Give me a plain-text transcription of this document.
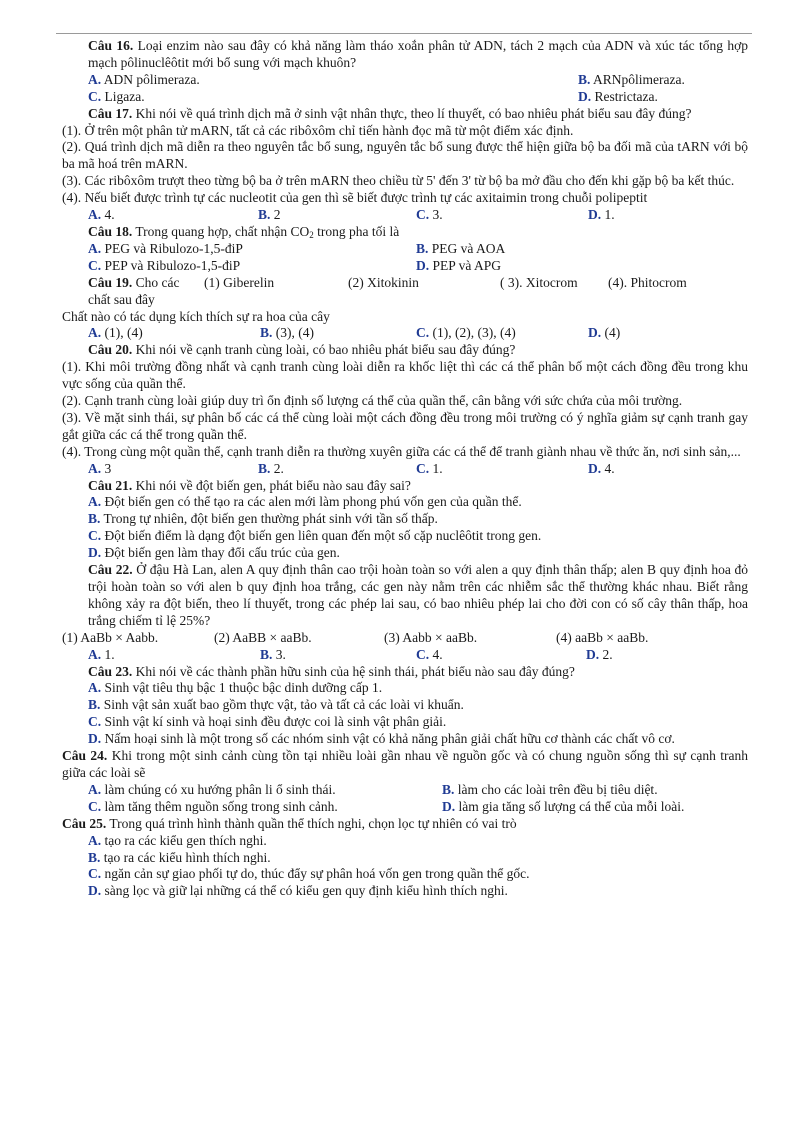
Câu 16. Loại enzim nào sau đây có khả năng làm tháo xoắn phân tử ADN, tách 2 mạch của ADN và xúc tác tổng hợp mạch pôlinuclêôtit mới bổ sung với mạch khuôn?

A. ADN pôlimeraza.	B. ARNpôlimeraza.
C. Ligaza.	D. Restrictaza.

Câu 17. Khi nói về quá trình dịch mã ở sinh vật nhân thực, theo lí thuyết, có bao nhiêu phát biểu sau đây đúng?

(1). Ở trên một phân tử mARN, tất cả các ribôxôm chỉ tiến hành đọc mã từ một điểm xác định.

(2). Quá trình dịch mã diễn ra theo nguyên tắc bổ sung, nguyên tắc bổ sung được thể hiện giữa bộ ba đối mã của tARN với bộ ba mã hoá trên mARN.

(3). Các ribôxôm trượt theo từng bộ ba ở trên mARN theo chiều từ 5' đến 3' từ bộ ba mở đầu cho đến khi gặp bộ ba kết thúc.

(4). Nếu biết được trình tự các nucleotit của gen thì sẽ biết được trình tự các axitaimin trong chuỗi polipeptit

A. 4.	B. 2	C. 3.	D. 1.

Câu 18. Trong quang hợp, chất nhận $CO_2$ trong pha tối là

A. PEG và Ribulozo-1,5-điP	B. PEG và AOA
C. PEP và Ribulozo-1,5-điP	D. PEP và APG
Câu 19. Cho các chất sau đây
(1) Giberelin	(2) Xitokinin	( 3). Xitocrom (4). Phitocrom

Chất nào có tác dụng kích thích sự ra hoa của cây

A. (1), (4)	B. (3), (4)	C. (1), (2), (3), (4)	D. (4)

Câu 20. Khi nói về cạnh tranh cùng loài, có bao nhiêu phát biểu sau đây đúng?

(1). Khi môi trường đồng nhất và cạnh tranh cùng loài diễn ra khốc liệt thì các cá thể phân bố một cách đồng đều trong khu vực sống của quần thể.

(2). Cạnh tranh cùng loài giúp duy trì ổn định số lượng cá thể của quần thể, cân bằng với sức chứa của môi trường.

(3). Về mặt sinh thái, sự phân bố các cá thể cùng loài một cách đồng đều trong môi trường có ý nghĩa giảm sự cạnh tranh gay gắt giữa các cá thể trong quần thể.

(4). Trong cùng một quần thể, cạnh tranh diễn ra thường xuyên giữa các cá thể để tranh giành nhau về thức ăn, nơi sinh sản,...

A. 3	B. 2.	C. 1.	D. 4.

Câu 21. Khi nói về đột biến gen, phát biểu nào sau đây sai?

A. Đột biến gen có thể tạo ra các alen mới làm phong phú vốn gen của quần thể.

B. Trong tự nhiên, đột biến gen thường phát sinh với tần số thấp.

C. Đột biến điểm là dạng đột biến gen liên quan đến một số cặp nuclêôtit trong gen.

D. Đột biến gen làm thay đổi cấu trúc của gen.

Câu 22. Ở đậu Hà Lan, alen A quy định thân cao trội hoàn toàn so với alen a quy định thân thấp; alen B quy định hoa đỏ trội hoàn toàn so với alen b quy định hoa trắng, các gen này nằm trên các nhiễm sắc thể thường khác nhau. Biết rằng không xảy ra đột biến, theo lí thuyết, trong các phép lai sau, có bao nhiêu phép lai cho đời con có số cây thân thấp, hoa trắng chiếm tỉ lệ 25%?

(1) AaBb × Aabb.	(2) AaBB × aaBb.	(3) Aabb × aaBb.	(4) aaBb × aaBb.
A. 1.	B. 3.	C. 4.	D. 2.

Câu 23. Khi nói về các thành phần hữu sinh của hệ sinh thái, phát biểu nào sau đây đúng?

A. Sinh vật tiêu thụ bậc 1 thuộc bậc dinh dưỡng cấp 1.

B. Sinh vật sản xuất bao gồm thực vật, tảo và tất cả các loài vi khuẩn.

C. Sinh vật kí sinh và hoại sinh đều được coi là sinh vật phân giải.

D. Nấm hoại sinh là một trong số các nhóm sinh vật có khả năng phân giải chất hữu cơ thành các chất vô cơ.

Câu 24. Khi trong một sinh cảnh cùng tồn tại nhiều loài gần nhau về nguồn gốc và có chung nguồn sống thì sự cạnh tranh giữa các loài sẽ

A. làm chúng có xu hướng phân li ổ sinh thái.	B. làm cho các loài trên đều bị tiêu diệt.
C. làm tăng thêm nguồn sống trong sinh cảnh.	D. làm gia tăng số lượng cá thể của mỗi loài.

Câu 25. Trong quá trình hình thành quần thể thích nghi, chọn lọc tự nhiên có vai trò

A. tạo ra các kiểu gen thích nghi.

B. tạo ra các kiểu hình thích nghi.

C. ngăn cản sự giao phối tự do, thúc đẩy sự phân hoá vốn gen trong quần thể gốc.

D. sàng lọc và giữ lại những cá thể có kiểu gen quy định kiểu hình thích nghi.
